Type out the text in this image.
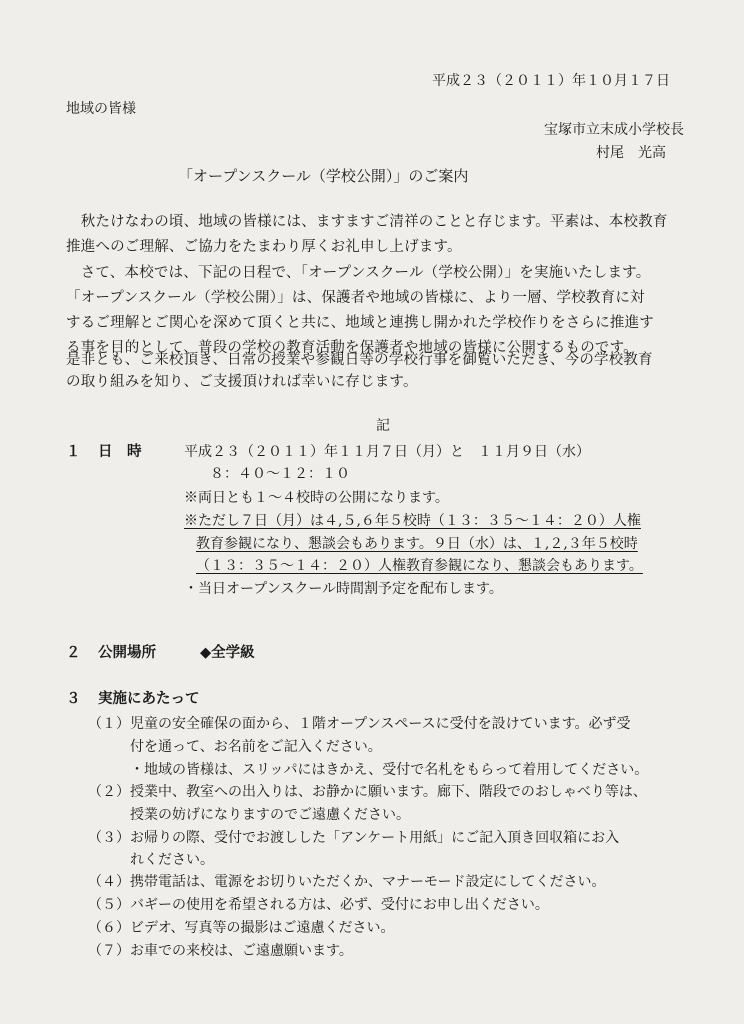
平成２３（２０１１）年１０月１７日
地域の皆様
宝塚市立末成小学校長
村尾　光高
「オープンスクール（学校公開）」のご案内
　秋たけなわの頃、地域の皆様には、ますますご清祥のことと存じます。平素は、本校教育
推進へのご理解、ご協力をたまわり厚くお礼申し上げます。
　さて、本校では、下記の日程で、「オープンスクール（学校公開）」を実施いたします。
「オープンスクール（学校公開）」は、保護者や地域の皆様に、より一層、学校教育に対
するご理解とご関心を深めて頂くと共に、地域と連携し開かれた学校作りをさらに推進す
る事を目的として、普段の学校の教育活動を保護者や地域の皆様に公開するものです。
是非とも、ご来校頂き、日常の授業や参観日等の学校行事を御覧いただき、今の学校教育
の取り組みを知り、ご支援頂ければ幸いに存じます。
記
１ 日　時	平成２３（２０１１）年１１月７日（月）と　１１月９日（水）
８：４０〜１２：１０
※両日とも１〜４校時の公開になります。
※ただし７日（月）は４,５,６年５校時（１３：３５〜１４：２０）人権
教育参観になり、懇談会もあります。９日（水）は、１,２,３年５校時
（１３：３５〜１４：２０）人権教育参観になり、懇談会もあります。
・当日オープンスクール時間割予定を配布します。
２ 公開場所	◆全学級
３ 実施にあたって
（１）児童の安全確保の面から、１階オープンスペースに受付を設けています。必ず受
　　　付を通って、お名前をご記入ください。
　　　・地域の皆様は、スリッパにはきかえ、受付で名札をもらって着用してください。
（２）授業中、教室への出入りは、お静かに願います。廊下、階段でのおしゃべり等は、
　　　授業の妨げになりますのでご遠慮ください。
（３）お帰りの際、受付でお渡しした「アンケート用紙」にご記入頂き回収箱にお入
　　　れください。
（４）携帯電話は、電源をお切りいただくか、マナーモード設定にしてください。
（５）バギーの使用を希望される方は、必ず、受付にお申し出ください。
（６）ビデオ、写真等の撮影はご遠慮ください。
（７）お車での来校は、ご遠慮願います。
